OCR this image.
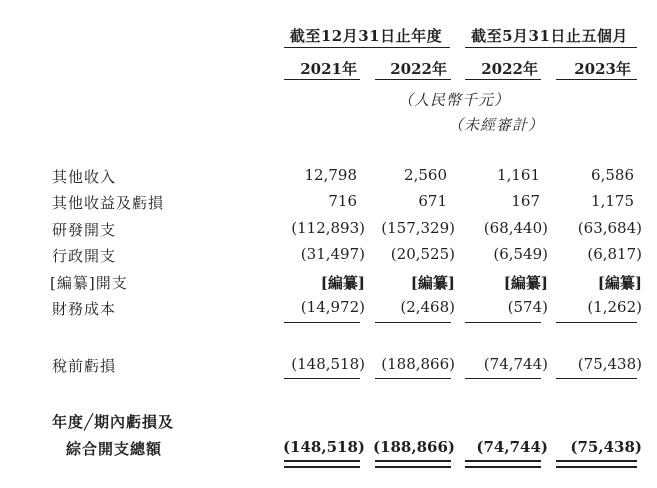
截至12月31日止年度	截至5月31日止五個月
2021年	2022年	2022年	2023年
（人民幣千元）
（未經審計）
其他收入	12,798	2,560	1,161	6,586
其他收益及虧損	716	671	167	1,175
研發開支	(112,893)	(157,329)	(68,440)	(63,684)
行政開支	(31,497)	(20,525)	(6,549)	(6,817)
[編纂]開支	[編纂]	[編纂]	[編纂]	[編纂]
財務成本	(14,972)	(2,468)	(574)	(1,262)
稅前虧損	(148,518)	(188,866)	(74,744)	(75,438)
年度╱期內虧損及
綜合開支總額	(148,518) (188,866)	(74,744)	(75,438)
